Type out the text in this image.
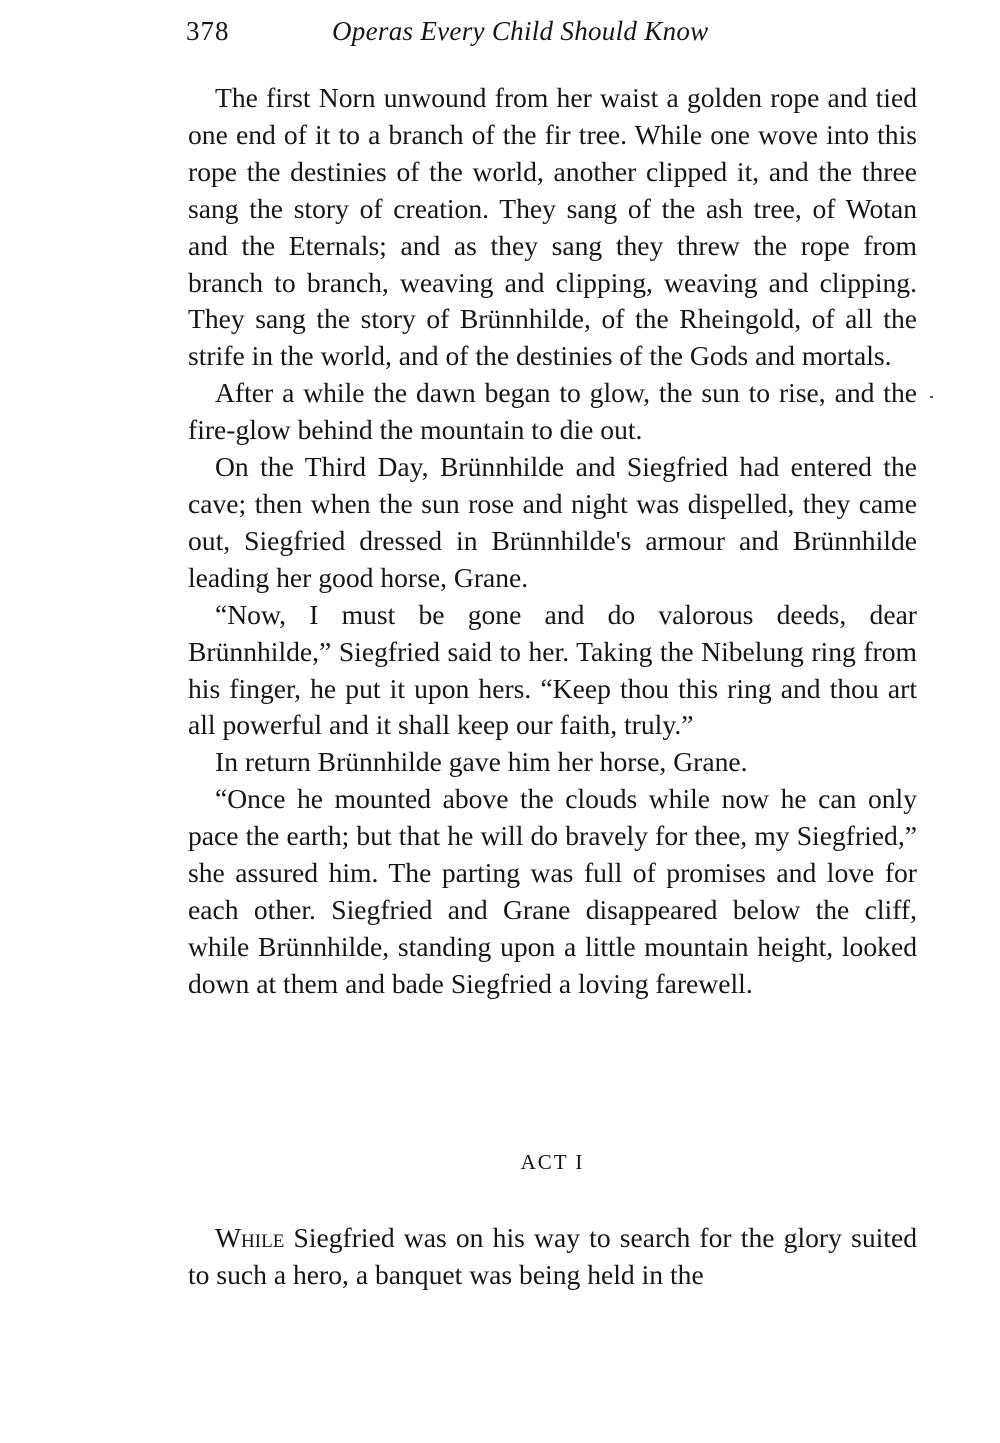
378	Operas Every Child Should Know

The first Norn unwound from her waist a golden rope and tied one end of it to a branch of the fir tree. While one wove into this rope the destinies of the world, another clipped it, and the three sang the story of creation. They sang of the ash tree, of Wotan and the Eternals; and as they sang they threw the rope from branch to branch, weaving and clipping, weaving and clipping. They sang the story of Brünnhilde, of the Rheingold, of all the strife in the world, and of the destinies of the Gods and mortals.

After a while the dawn began to glow, the sun to rise, and the fire-glow behind the mountain to die out.

On the Third Day, Brünnhilde and Siegfried had entered the cave; then when the sun rose and night was dispelled, they came out, Siegfried dressed in Brünnhilde's armour and Brünnhilde leading her good horse, Grane.

“Now, I must be gone and do valorous deeds, dear Brünnhilde,” Siegfried said to her. Taking the Nibelung ring from his finger, he put it upon hers. “Keep thou this ring and thou art all powerful and it shall keep our faith, truly.”

In return Brünnhilde gave him her horse, Grane.

“Once he mounted above the clouds while now he can only pace the earth; but that he will do bravely for thee, my Siegfried,” she assured him. The parting was full of promises and love for each other. Siegfried and Grane disappeared below the cliff, while Brünnhilde, standing upon a little mountain height, looked down at them and bade Siegfried a loving farewell.

ACT I

While Siegfried was on his way to search for the glory suited to such a hero, a banquet was being held in the
